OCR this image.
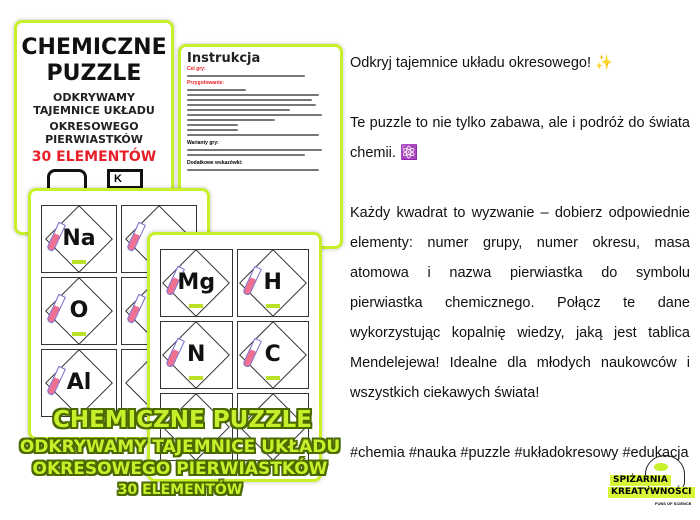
CHEMICZNE
PUZZLE
ODKRYWAMY TAJEMNICE UKŁADU
OKRESOWEGO PIERWIASTKÓW
30 ELEMENTÓW
K
Instrukcja
Cel gry:
Przygotowanie:
Warianty gry:
Dodatkowe wskazówki:
Na
O
Al
Mg	H
N	C
CHEMICZNE PUZZLE
ODKRYWAMY TAJEMNICE UKŁADU
OKRESOWEGO PIERWIASTKÓW
30 ELEMENTÓW

Odkryj tajemnice układu okresowego! ✨

Te puzzle to nie tylko zabawa, ale i podróż do świata chemii. ⚛️

Każdy kwadrat to wyzwanie – dobierz odpowiednie elementy: numer grupy, numer okresu, masa atomowa i nazwa pierwiastka do symbolu pierwiastka chemicznego. Połącz te dane wykorzystując kopalnię wiedzy, jaką jest tablica Mendelejewa! Idealne dla młodych naukowców i wszystkich ciekawych świata!

#chemia #nauka #puzzle #układokresowy #edukacja

SPIŻARNIA
KREATYWNOŚCI
FUNS OF SCIENCE
